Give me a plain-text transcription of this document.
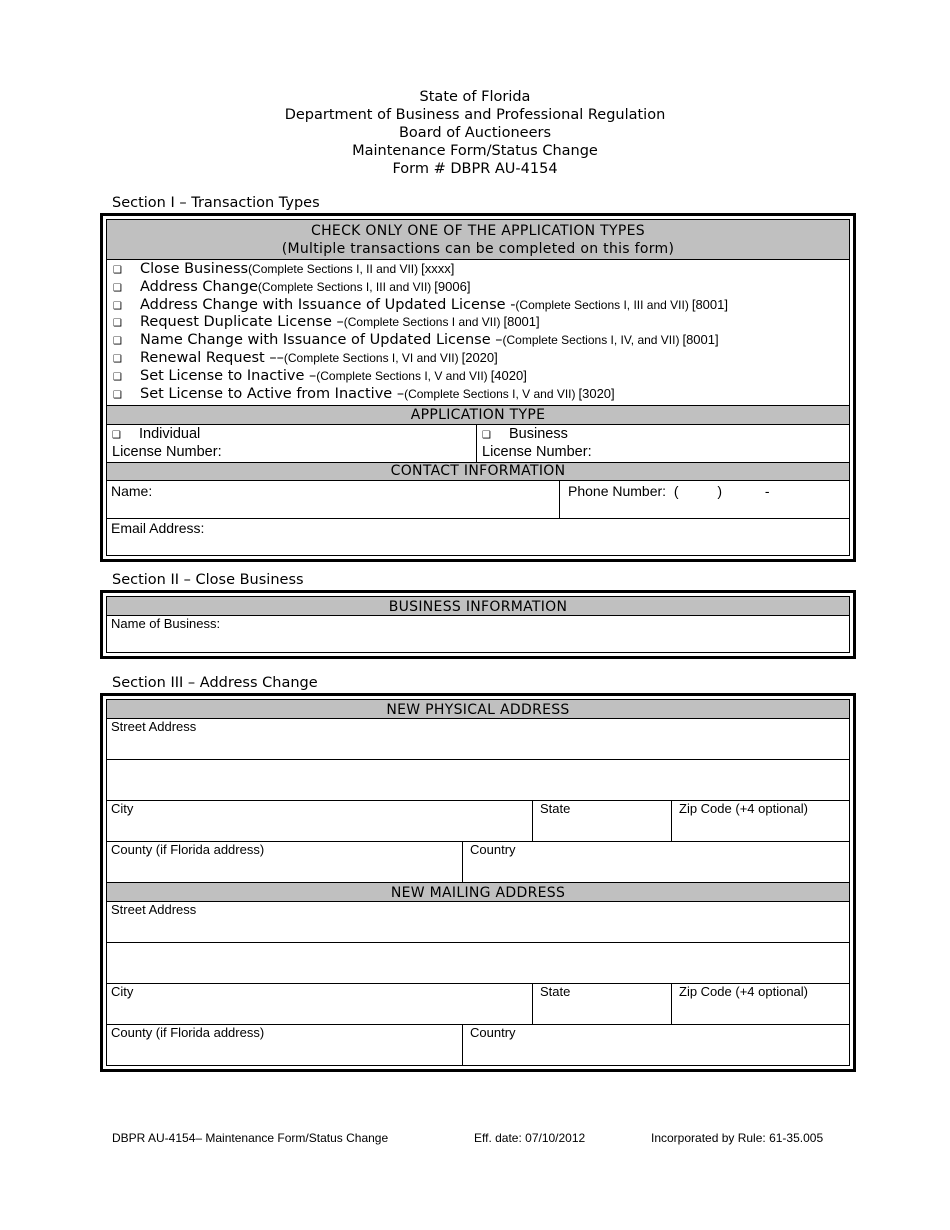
State of Florida
Department of Business and Professional Regulation
Board of Auctioneers
Maintenance Form/Status Change
Form # DBPR AU-4154
Section I – Transaction Types
CHECK ONLY ONE OF THE APPLICATION TYPES
(Multiple transactions can be completed on this form)
❑	Close Business (Complete Sections I, II and VII) [xxxx]
❑	Address Change (Complete Sections I, III and VII) [9006]
❑	Address Change with Issuance of Updated License - (Complete Sections I, III and VII) [8001]
❑	Request Duplicate License – (Complete Sections I and VII) [8001]
❑	Name Change with Issuance of Updated License – (Complete Sections I, IV, and VII) [8001]
❑	Renewal Request –– (Complete Sections I, VI and VII) [2020]
❑	Set License to Inactive – (Complete Sections I, V and VII) [4020]
❑	Set License to Active from Inactive – (Complete Sections I, V and VII) [3020]
APPLICATION TYPE
❑ Individual
License Number:
❑ Business
License Number:
CONTACT INFORMATION
Name:	Phone Number:  (          )           -
Email Address:
Section II – Close Business
BUSINESS INFORMATION
Name of Business:
Section III – Address Change
NEW PHYSICAL ADDRESS
Street Address
City	State	Zip Code (+4 optional)
County (if Florida address)	Country
NEW MAILING ADDRESS
Street Address
City	State	Zip Code (+4 optional)
County (if Florida address)	Country
DBPR AU-4154– Maintenance Form/Status Change	Eff. date: 07/10/2012	Incorporated by Rule: 61-35.005
